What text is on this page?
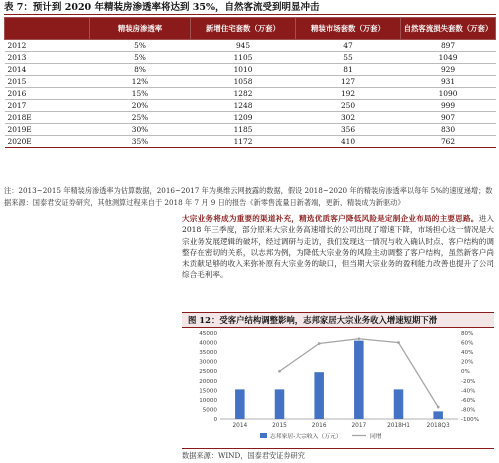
表 7：预计到 2020 年精装房渗透率将达到 35%，自然客流受到明显冲击
	精装房渗透率	新增住宅套数（万套）	精装市场套数（万套）	自然客流损失套数（万套）
2012	5%	945	47	897
2013	5%	1105	55	1049
2014	8%	1010	81	929
2015	12%	1058	127	931
2016	15%	1282	192	1090
2017	20%	1248	250	999
2018E	25%	1209	302	907
2019E	30%	1185	356	830
2020E	35%	1172	410	762
注：2013~2015 年精装房渗透率为估算数据，2016~2017 年为奥维云网披露的数据，假设 2018~2020 年的精装房渗透率以每年 5%的速度递增；数据来源：国泰君安证券研究，其他测算过程来自于 2018 年 7 月 9 日的报告《新零售流量日新著端，更新、精装成为新驱动》
大宗业务将成为重要的渠道补充，精选优质客户降低风险是定制企业布局的主要思路。进入 2018 年三季度，部分原来大宗业务高速增长的公司出现了增速下降，市场担心这一情况是大宗业务发展逻辑的破坏，经过调研与走访，我们发现这一情况与收入确认时点、客户结构的调整存在密切的关系，以志邦为例，为降低大宗业务的风险主动调整了客户结构，虽然新客户尚未贡献足够的收入来弥补原有大宗业务的缺口，但当期大宗业务的盈利能力改善也提升了公司综合毛利率。
图 12：受客户结构调整影响，志邦家居大宗业务收入增速短期下滑
0
5000
10000
15000
20000
25000
30000
35000
40000
45000
-100%
-80%
-60%
-40%
-20%
0%
20%
40%
60%
80%
2014	2015	2016	2017	2018H1	2018Q3
志邦家居-大宗收入（万元）	同增
数据来源：WIND，国泰君安证券研究
